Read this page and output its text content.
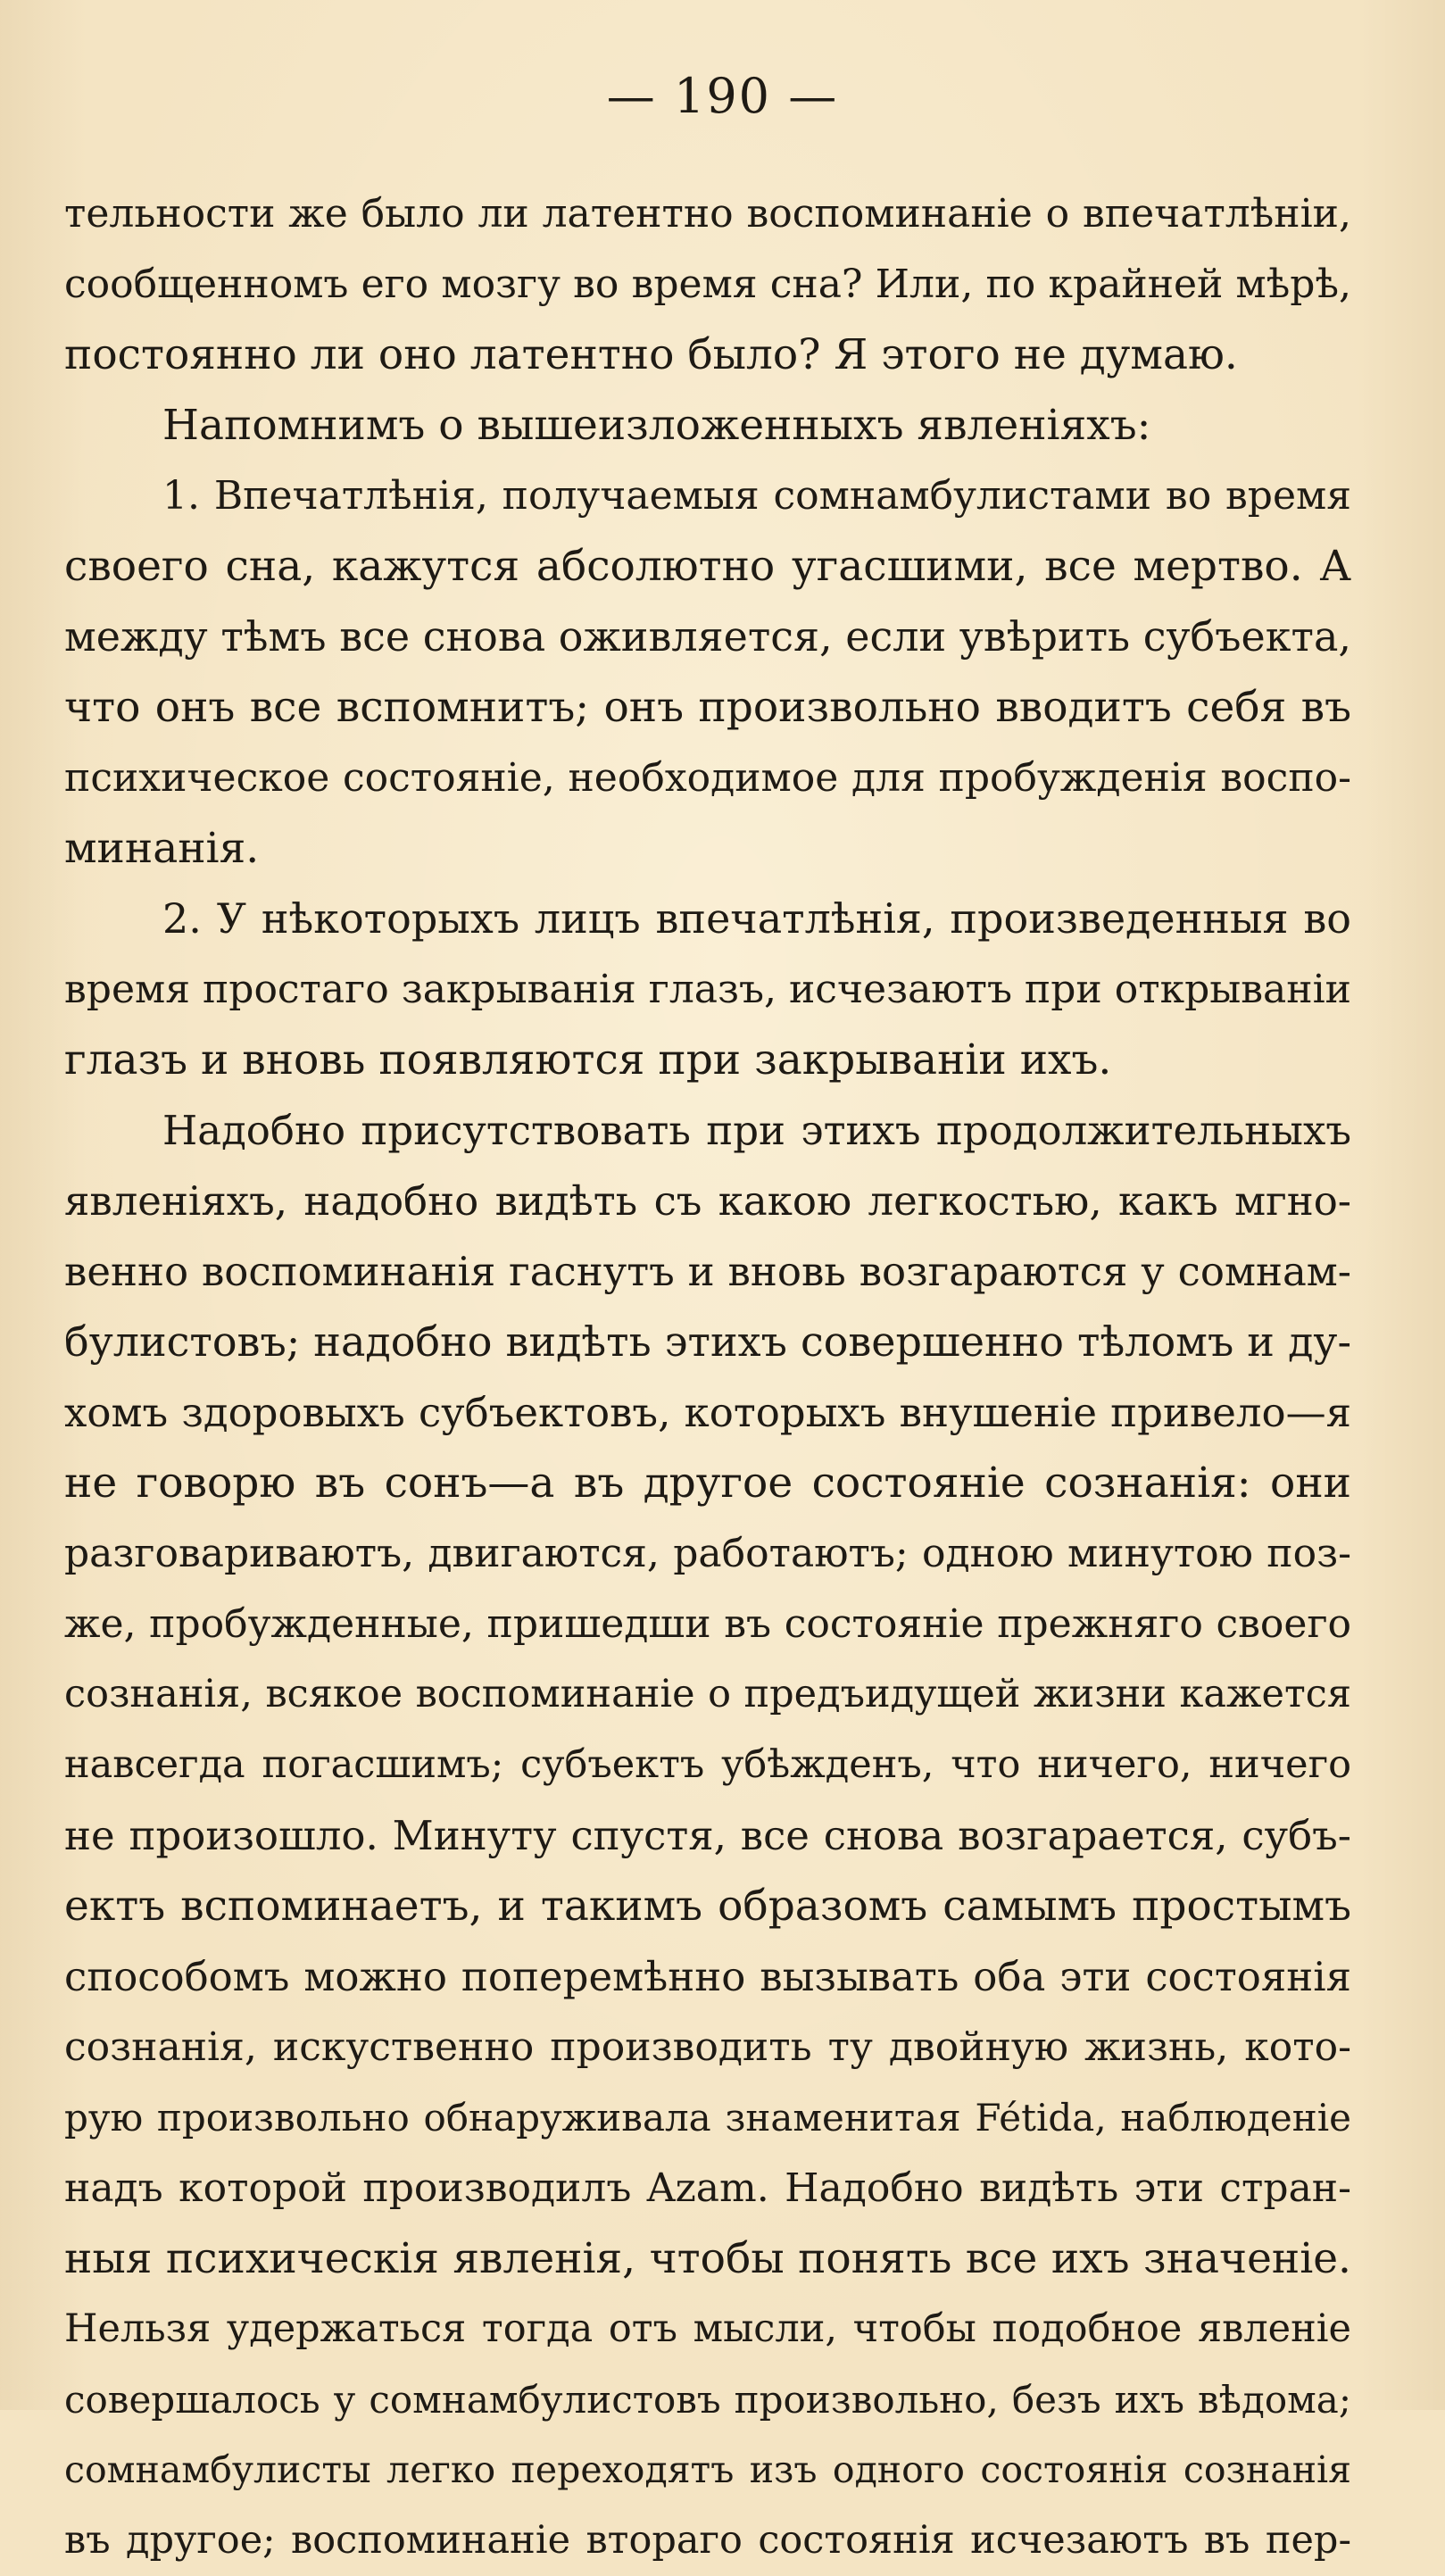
— 190 —
тельности же было ли латентно воспоминаніе о впечатлѣніи,
сообщенномъ его мозгу во время сна? Или, по крайней мѣрѣ,
постоянно ли оно латентно было? Я этого не думаю.
Напомнимъ о вышеизложенныхъ явленіяхъ:
1. Впечатлѣнія, получаемыя сомнамбулистами во время
своего сна, кажутся абсолютно угасшими, все мертво. А
между тѣмъ все снова оживляется, если увѣрить субъекта,
что онъ все вспомнитъ; онъ произвольно вводитъ себя въ
психическое состояніе, необходимое для пробужденія воспо-
минанія.
2. У нѣкоторыхъ лицъ впечатлѣнія, произведенныя во
время простаго закрыванія глазъ, исчезаютъ при открываніи
глазъ и вновь появляются при закрываніи ихъ.
Надобно присутствовать при этихъ продолжительныхъ
явленіяхъ, надобно видѣть съ какою легкостью, какъ мгно-
венно воспоминанія гаснутъ и вновь возгараются у сомнам-
булистовъ; надобно видѣть этихъ совершенно тѣломъ и ду-
хомъ здоровыхъ субъектовъ, которыхъ внушеніе привело—я
не говорю въ сонъ—а въ другое состояніе сознанія: они
разговариваютъ, двигаются, работаютъ; одною минутою поз-
же, пробужденные, пришедши въ состояніе прежняго своего
сознанія, всякое воспоминаніе о предъидущей жизни кажется
навсегда погасшимъ; субъектъ убѣжденъ, что ничего, ничего
не произошло. Минуту спустя, все снова возгарается, субъ-
ектъ вспоминаетъ, и такимъ образомъ самымъ простымъ
способомъ можно поперемѣнно вызывать оба эти состоянія
сознанія, искуственно производить ту двойную жизнь, кото-
рую произвольно обнаруживала знаменитая Fétida, наблюденіе
надъ которой производилъ Azam. Надобно видѣть эти стран-
ныя психическія явленія, чтобы понять все ихъ значеніе.
Нельзя удержаться тогда отъ мысли, чтобы подобное явленіе
совершалось у сомнамбулистовъ произвольно, безъ ихъ вѣдома;
сомнамбулисты легко переходятъ изъ одного состоянія сознанія
въ другое; воспоминаніе втораго состоянія исчезаютъ въ пер-
